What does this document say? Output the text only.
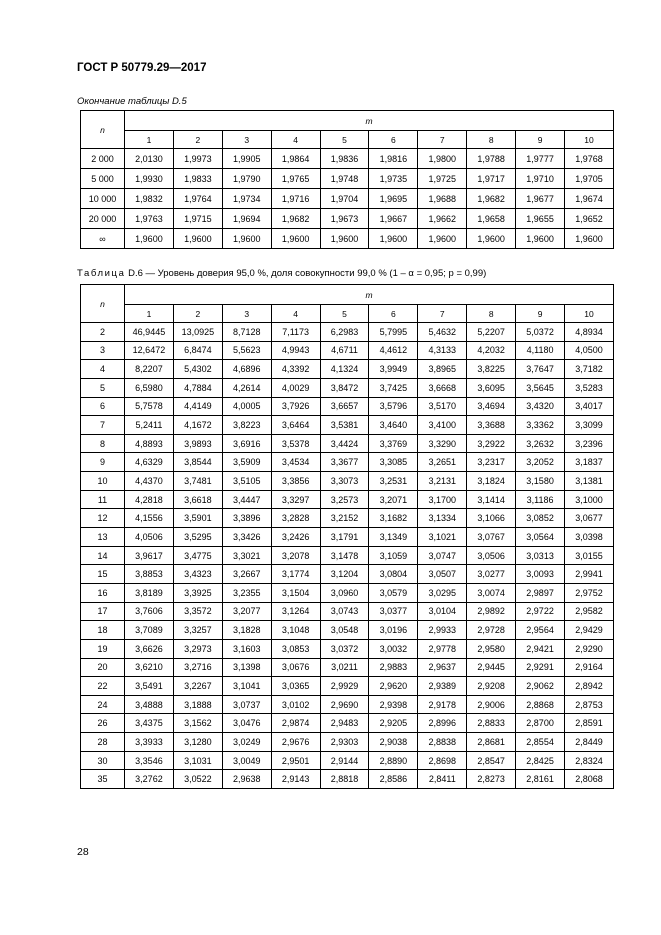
ГОСТ Р 50779.29—2017
Окончание таблицы D.5
n	m									
	1	2	3	4	5	6	7	8	9	10
2 000	2,0130	1,9973	1,9905	1,9864	1,9836	1,9816	1,9800	1,9788	1,9777	1,9768
5 000	1,9930	1,9833	1,9790	1,9765	1,9748	1,9735	1,9725	1,9717	1,9710	1,9705
10 000	1,9832	1,9764	1,9734	1,9716	1,9704	1,9695	1,9688	1,9682	1,9677	1,9674
20 000	1,9763	1,9715	1,9694	1,9682	1,9673	1,9667	1,9662	1,9658	1,9655	1,9652
∞	1,9600	1,9600	1,9600	1,9600	1,9600	1,9600	1,9600	1,9600	1,9600	1,9600
Таблица D.6 — Уровень доверия 95,0 %, доля совокупности 99,0 % (1 – α = 0,95; p = 0,99)
n	m									
	1	2	3	4	5	6	7	8	9	10
2	46,9445	13,0925	8,7128	7,1173	6,2983	5,7995	5,4632	5,2207	5,0372	4,8934
3	12,6472	6,8474	5,5623	4,9943	4,6711	4,4612	4,3133	4,2032	4,1180	4,0500
4	8,2207	5,4302	4,6896	4,3392	4,1324	3,9949	3,8965	3,8225	3,7647	3,7182
5	6,5980	4,7884	4,2614	4,0029	3,8472	3,7425	3,6668	3,6095	3,5645	3,5283
6	5,7578	4,4149	4,0005	3,7926	3,6657	3,5796	3,5170	3,4694	3,4320	3,4017
7	5,2411	4,1672	3,8223	3,6464	3,5381	3,4640	3,4100	3,3688	3,3362	3,3099
8	4,8893	3,9893	3,6916	3,5378	3,4424	3,3769	3,3290	3,2922	3,2632	3,2396
9	4,6329	3,8544	3,5909	3,4534	3,3677	3,3085	3,2651	3,2317	3,2052	3,1837
10	4,4370	3,7481	3,5105	3,3856	3,3073	3,2531	3,2131	3,1824	3,1580	3,1381
11	4,2818	3,6618	3,4447	3,3297	3,2573	3,2071	3,1700	3,1414	3,1186	3,1000
12	4,1556	3,5901	3,3896	3,2828	3,2152	3,1682	3,1334	3,1066	3,0852	3,0677
13	4,0506	3,5295	3,3426	3,2426	3,1791	3,1349	3,1021	3,0767	3,0564	3,0398
14	3,9617	3,4775	3,3021	3,2078	3,1478	3,1059	3,0747	3,0506	3,0313	3,0155
15	3,8853	3,4323	3,2667	3,1774	3,1204	3,0804	3,0507	3,0277	3,0093	2,9941
16	3,8189	3,3925	3,2355	3,1504	3,0960	3,0579	3,0295	3,0074	2,9897	2,9752
17	3,7606	3,3572	3,2077	3,1264	3,0743	3,0377	3,0104	2,9892	2,9722	2,9582
18	3,7089	3,3257	3,1828	3,1048	3,0548	3,0196	2,9933	2,9728	2,9564	2,9429
19	3,6626	3,2973	3,1603	3,0853	3,0372	3,0032	2,9778	2,9580	2,9421	2,9290
20	3,6210	3,2716	3,1398	3,0676	3,0211	2,9883	2,9637	2,9445	2,9291	2,9164
22	3,5491	3,2267	3,1041	3,0365	2,9929	2,9620	2,9389	2,9208	2,9062	2,8942
24	3,4888	3,1888	3,0737	3,0102	2,9690	2,9398	2,9178	2,9006	2,8868	2,8753
26	3,4375	3,1562	3,0476	2,9874	2,9483	2,9205	2,8996	2,8833	2,8700	2,8591
28	3,3933	3,1280	3,0249	2,9676	2,9303	2,9038	2,8838	2,8681	2,8554	2,8449
30	3,3546	3,1031	3,0049	2,9501	2,9144	2,8890	2,8698	2,8547	2,8425	2,8324
35	3,2762	3,0522	2,9638	2,9143	2,8818	2,8586	2,8411	2,8273	2,8161	2,8068
28
